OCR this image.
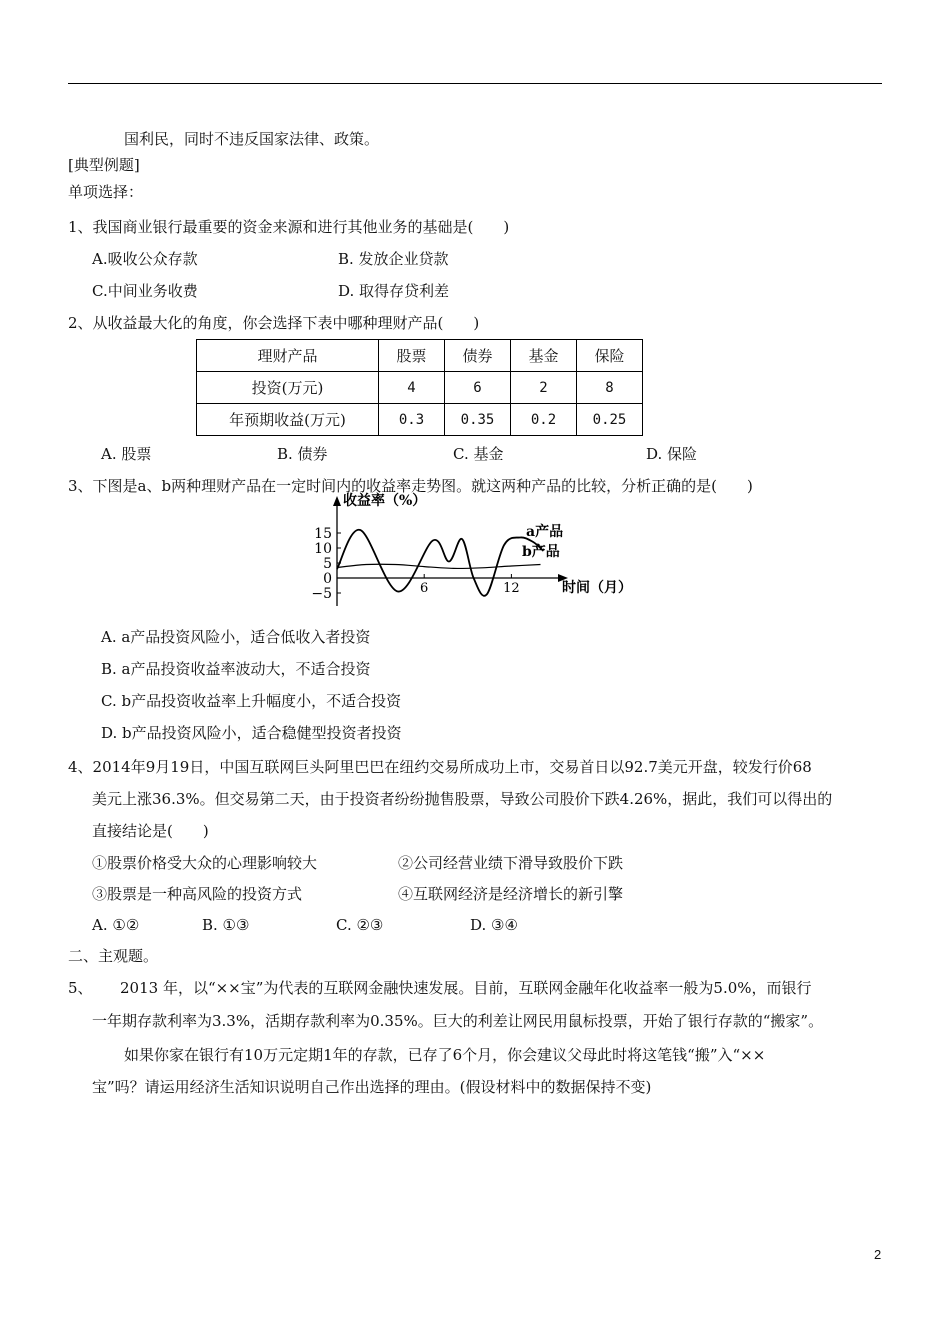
国利民，同时不违反国家法律、政策。
[典型例题]
单项选择：
1、我国商业银行最重要的资金来源和进行其他业务的基础是(　　)
A.吸收公众存款	B. 发放企业贷款
C.中间业务收费	D. 取得存贷利差
2、从收益最大化的角度，你会选择下表中哪种理财产品(　　)
理财产品	股票	债券	基金	保险
投资(万元)	4	6	2	8
年预期收益(万元)	0.3	0.35	0.2	0.25
A. 股票	B. 债券	C. 基金	D. 保险
3、下图是a、b两种理财产品在一定时间内的收益率走势图。就这两种产品的比较，分析正确的是(　　)
15
10
5
0
−5	6	12
收益率（%）
时间（月）
a产品
b产品
A. a产品投资风险小，适合低收入者投资
B. a产品投资收益率波动大，不适合投资
C. b产品投资收益率上升幅度小，不适合投资
D. b产品投资风险小，适合稳健型投资者投资
4、2014年9月19日，中国互联网巨头阿里巴巴在纽约交易所成功上市，交易首日以92.7美元开盘，较发行价68
美元上涨36.3%。但交易第二天，由于投资者纷纷抛售股票，导致公司股价下跌4.26%，据此，我们可以得出的
直接结论是(　　)
①股票价格受大众的心理影响较大	②公司经营业绩下滑导致股价下跌
③股票是一种高风险的投资方式	④互联网经济是经济增长的新引擎
A. ①②	B. ①③	C. ②③	D. ③④
二、主观题。
5、 2013 年，以“××宝”为代表的互联网金融快速发展。目前，互联网金融年化收益率一般为5.0%，而银行
一年期存款利率为3.3%，活期存款利率为0.35%。巨大的利差让网民用鼠标投票，开始了银行存款的“搬家”。
如果你家在银行有10万元定期1年的存款，已存了6个月，你会建议父母此时将这笔钱“搬”入“××
宝”吗？请运用经济生活知识说明自己作出选择的理由。(假设材料中的数据保持不变)
2
